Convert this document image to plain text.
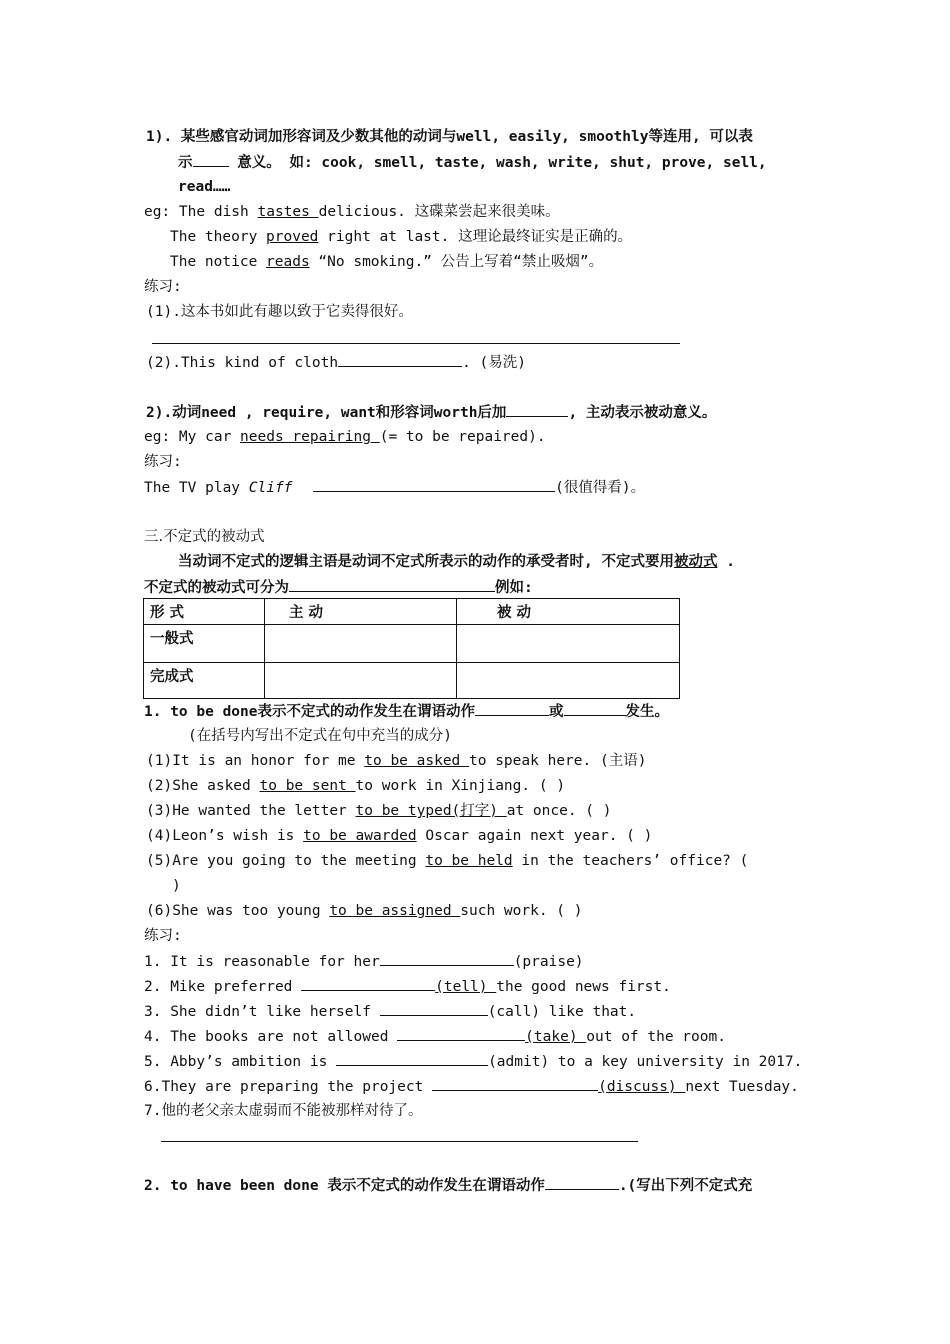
1). 某些感官动词加形容词及少数其他的动词与well, easily, smoothly等连用, 可以表
示	意义。 如: cook, smell, taste, wash, write, shut, prove, sell,
read……
eg: The dish tastes delicious. 这碟菜尝起来很美味。
The theory proved right at last. 这理论最终证实是正确的。
The notice reads “No smoking.” 公告上写着“禁止吸烟”。
练习:
(1).这本书如此有趣以致于它卖得很好。
(2).This kind of cloth	. (易洗)
2).动词need , require, want和形容词worth后加	, 主动表示被动意义。
eg: My car needs repairing (= to be repaired).
练习:
The TV play Cliff	(很值得看)。
三.不定式的被动式
当动词不定式的逻辑主语是动词不定式所表示的动作的承受者时, 不定式要用被动式 .
不定式的被动式可分为	例如:
形 式	主 动	被 动
一般式		
完成式		
1. to be done表示不定式的动作发生在谓语动作	或	发生。
(在括号内写出不定式在句中充当的成分)
(1)It is an honor for me to be asked to speak here. (主语)
(2)She asked to be sent to work in Xinjiang. ( )
(3)He wanted the letter to be typed(打字) at once. ( )
(4)Leon’s wish is to be awarded Oscar again next year. ( )
(5)Are you going to the meeting to be held in the teachers’ office? (
)
(6)She was too young to be assigned such work. ( )
练习:
1. It is reasonable for her	(praise)
2. Mike preferred	(tell) the good news first.
3. She didn’t like herself	(call) like that.
4. The books are not allowed	(take) out of the room.
5. Abby’s ambition is	(admit) to a key university in 2017.
6.They are preparing the project	(discuss) next Tuesday.
7.他的老父亲太虚弱而不能被那样对待了。
2. to have been done 表示不定式的动作发生在谓语动作	.(写出下列不定式充
